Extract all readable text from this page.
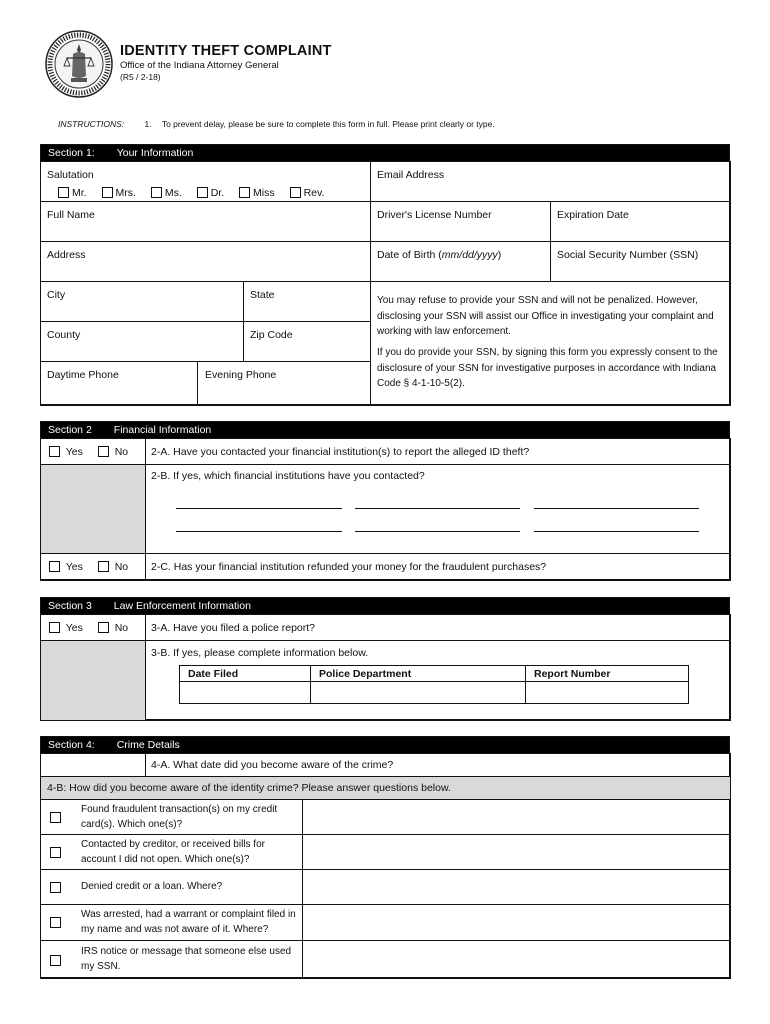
IDENTITY THEFT COMPLAINT
Office of the Indiana Attorney General
(R5 / 2-18)
INSTRUCTIONS: 1. To prevent delay, please be sure to complete this form in full. Please print clearly or type.
Section 1: Your Information
Salutation
Mr.	Mrs.	Ms.	Dr.	Miss	Rev.
Full Name
Address
City	State
County	Zip Code
Daytime Phone	Evening Phone
Email Address
Driver's License Number	Expiration Date
Date of Birth (mm/dd/yyyy)	Social Security Number (SSN)
You may refuse to provide your SSN and will not be penalized. However, disclosing your SSN will assist our Office in investigating your complaint and working with law enforcement.
If you do provide your SSN, by signing this form you expressly consent to the disclosure of your SSN for investigative purposes in accordance with Indiana Code § 4-1-10-5(2).
Section 2 Financial Information
Yes	No	2-A. Have you contacted your financial institution(s) to report the alleged ID theft?
2-B. If yes, which financial institutions have you contacted?
Yes	No	2-C. Has your financial institution refunded your money for the fraudulent purchases?
Section 3 Law Enforcement Information
Yes	No	3-A. Have you filed a police report?
3-B. If yes, please complete information below.
Date Filed	Police Department	Report Number

Section 4: Crime Details
4-A. What date did you become aware of the crime?
4-B: How did you become aware of the identity crime? Please answer questions below.
Found fraudulent transaction(s) on my credit card(s). Which one(s)?
Contacted by creditor, or received bills for account I did not open. Which one(s)?
Denied credit or a loan. Where?
Was arrested, had a warrant or complaint filed in my name and was not aware of it. Where?
IRS notice or message that someone else used my SSN.
